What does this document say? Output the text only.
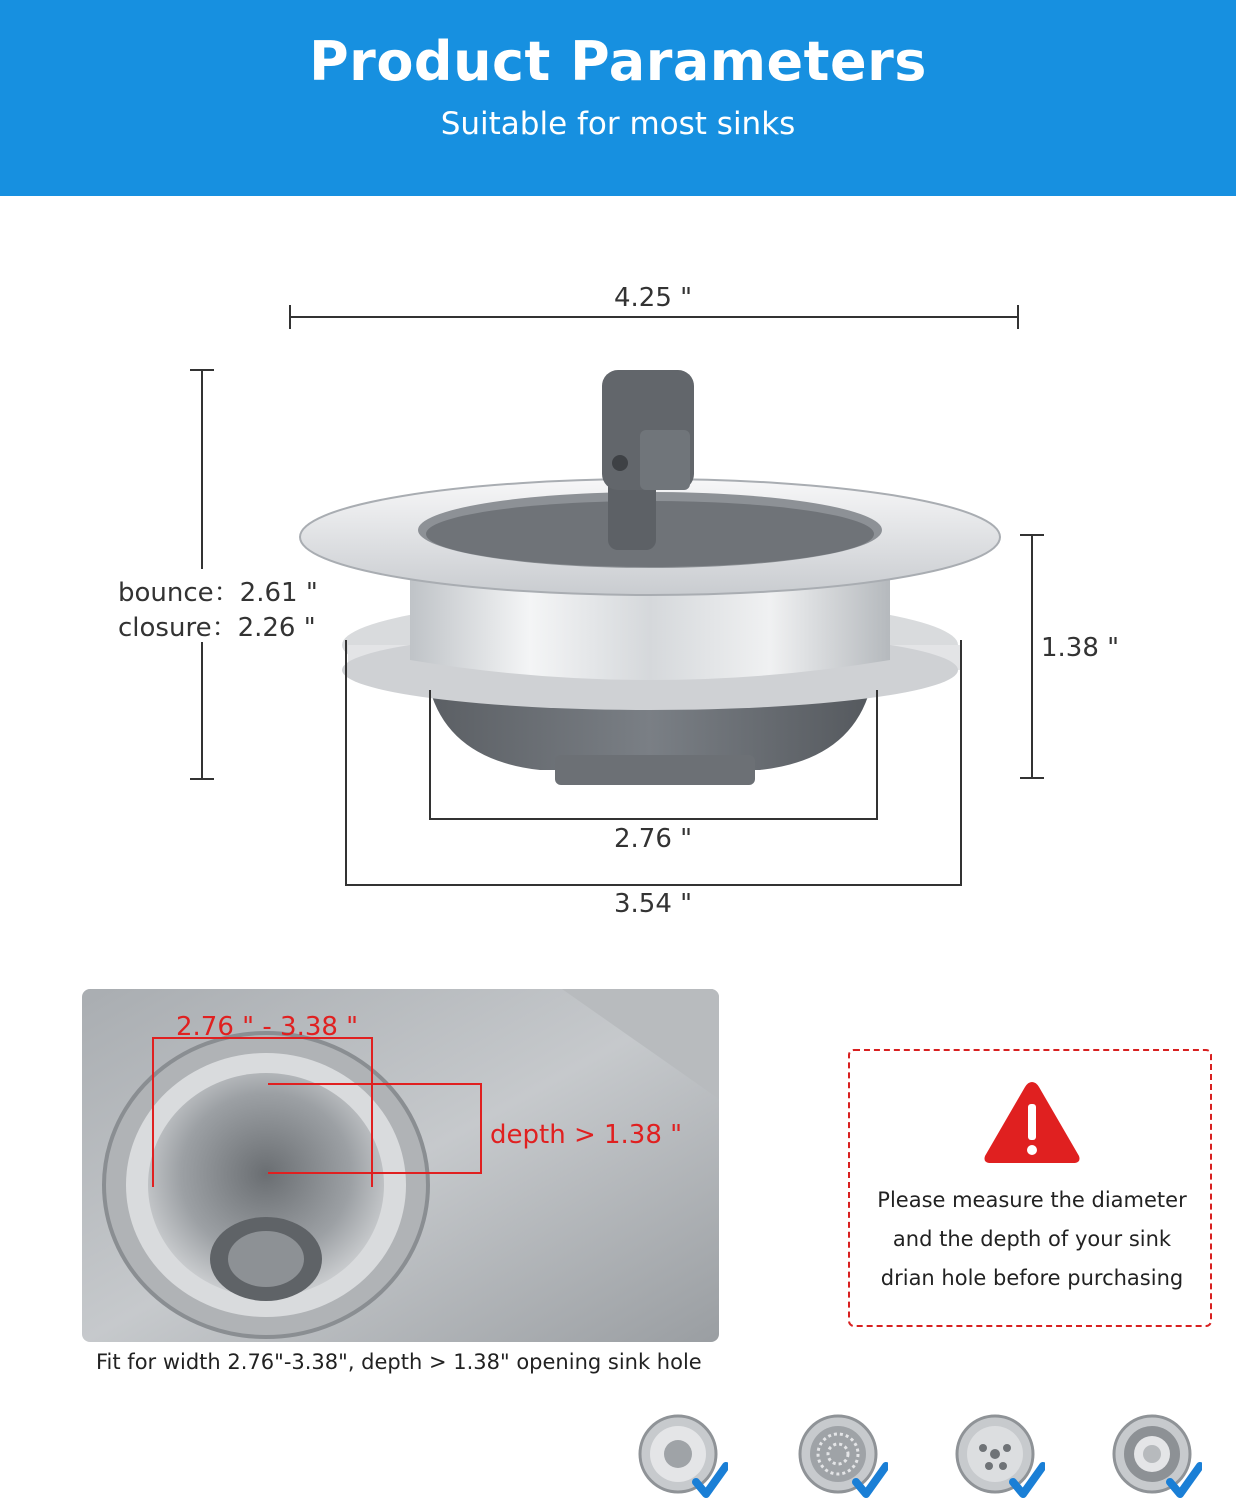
Product Parameters
Suitable for most sinks
4.25 "
bounce：2.61 "
closure：2.26 "
1.38 "
2.76 "
3.54 "
2.76 " - 3.38 "
depth > 1.38 "
Fit for width 2.76"-3.38", depth > 1.38" opening sink hole
Please measure the diameter
and the depth of your sink
drian hole before purchasing
